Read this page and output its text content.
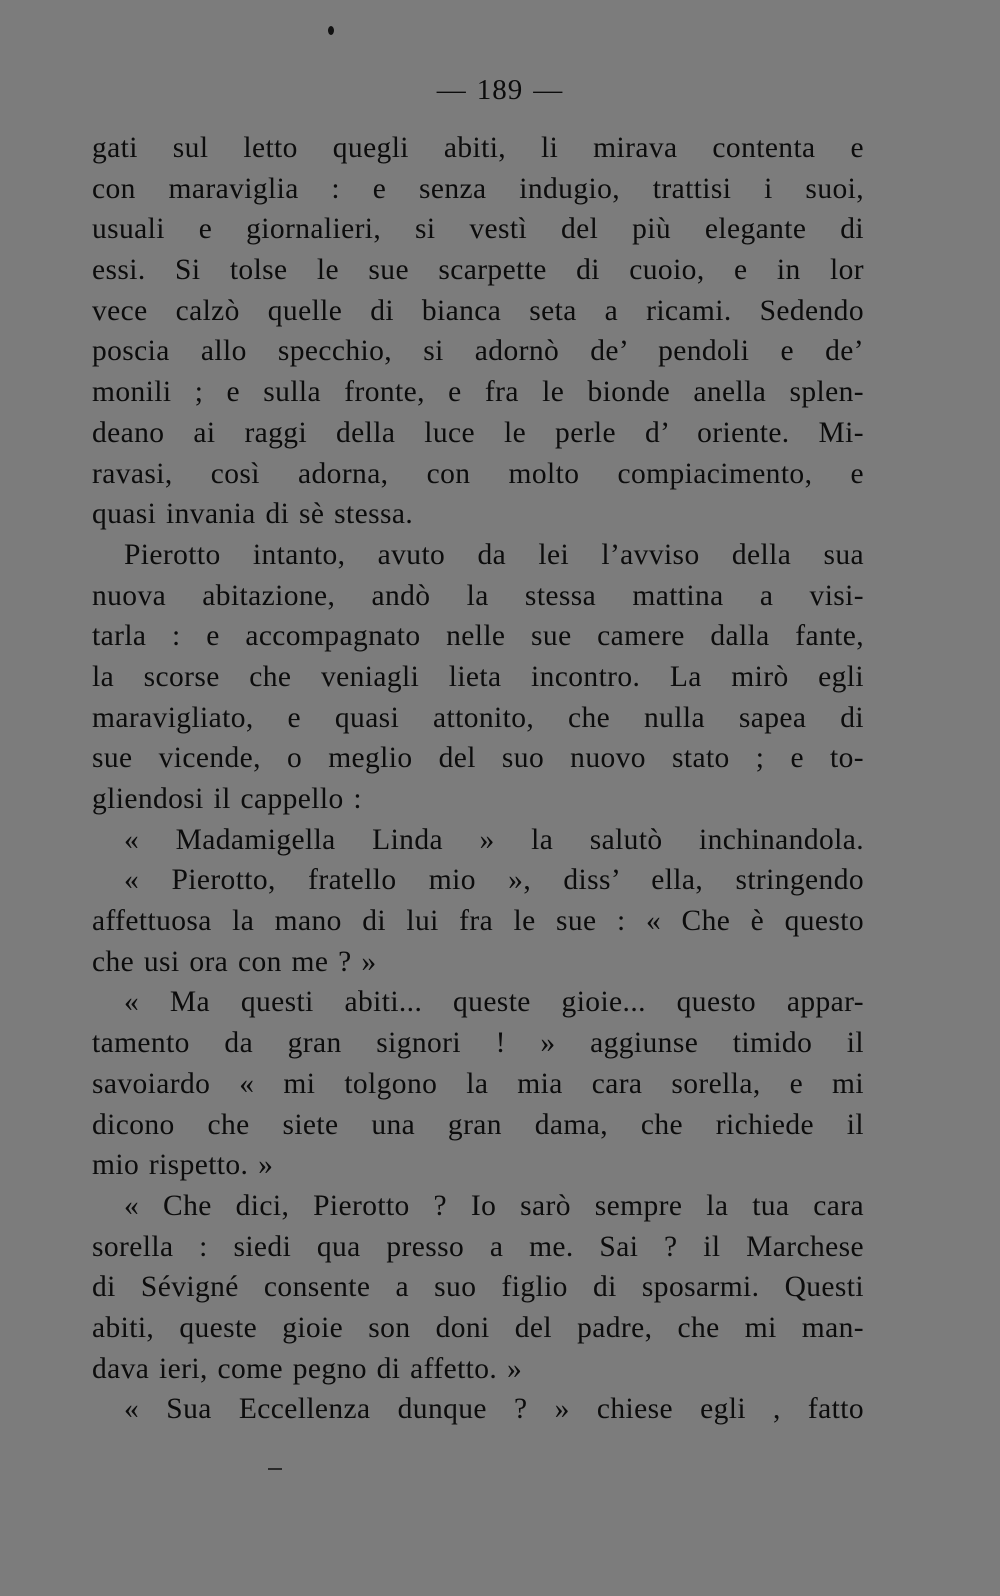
— 189 —
gati sul letto quegli abiti, li mirava contenta e
con maraviglia : e senza indugio, trattisi i suoi,
usuali e giornalieri, si vestì del più elegante di
essi. Si tolse le sue scarpette di cuoio, e in lor
vece calzò quelle di bianca seta a ricami. Sedendo
poscia allo specchio, si adornò de’ pendoli e de’
monili ; e sulla fronte, e fra le bionde anella splen-
deano ai raggi della luce le perle d’ oriente. Mi-
ravasi, così adorna, con molto compiacimento, e
quasi invania di sè stessa.
Pierotto intanto, avuto da lei l’avviso della sua
nuova abitazione, andò la stessa mattina a visi-
tarla : e accompagnato nelle sue camere dalla fante,
la scorse che veniagli lieta incontro. La mirò egli
maravigliato, e quasi attonito, che nulla sapea di
sue vicende, o meglio del suo nuovo stato ; e to-
gliendosi il cappello :
« Madamigella Linda » la salutò inchinandola.
« Pierotto, fratello mio », diss’ ella, stringendo
affettuosa la mano di lui fra le sue : « Che è questo
che usi ora con me ? »
« Ma questi abiti... queste gioie... questo appar-
tamento da gran signori ! » aggiunse timido il
savoiardo « mi tolgono la mia cara sorella, e mi
dicono che siete una gran dama, che richiede il
mio rispetto. »
« Che dici, Pierotto ? Io sarò sempre la tua cara
sorella : siedi qua presso a me. Sai ? il Marchese
di Sévigné consente a suo figlio di sposarmi. Questi
abiti, queste gioie son doni del padre, che mi man-
dava ieri, come pegno di affetto. »
« Sua Eccellenza dunque ? » chiese egli , fatto
